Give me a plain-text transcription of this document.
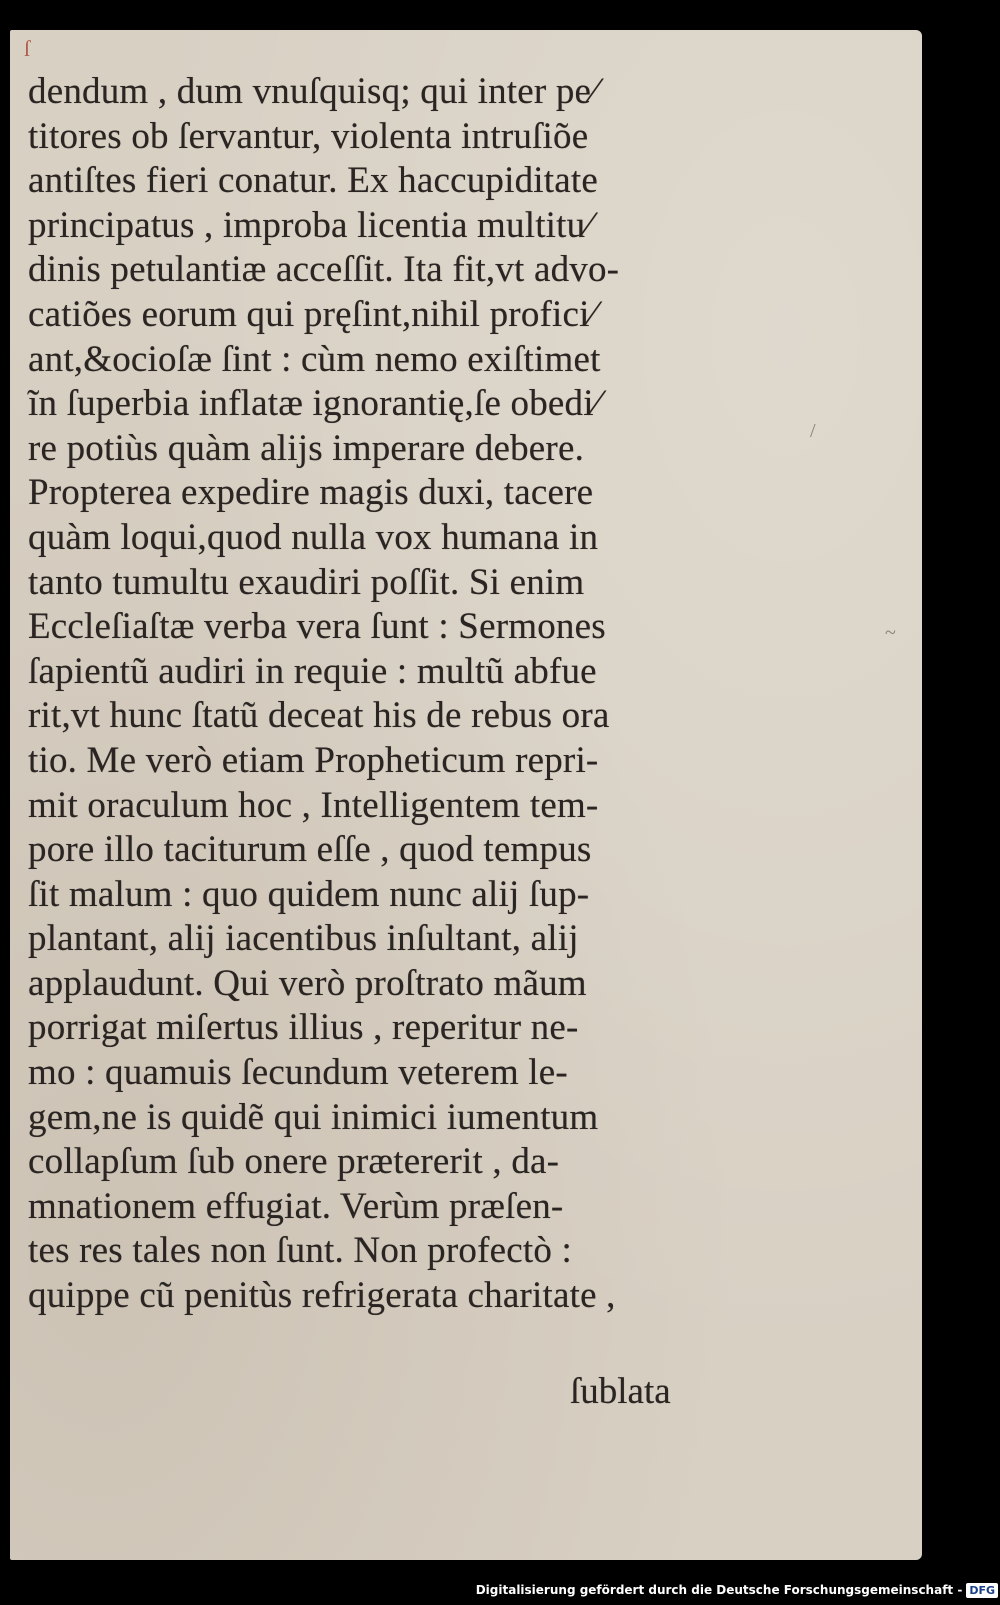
ſ
dendum , dum vnuſquisq; qui inter pe⁄
titores ob ſervantur, violenta intruſiõe
antiſtes fieri conatur. Ex haccupiditate
principatus , improba licentia multitu⁄
dinis petulantiæ acceſſit. Ita fit,vt advo-
catiões eorum qui pręſint,nihil profici⁄
ant,&ocioſæ ſint : cùm nemo exiſtimet
ĩn ſuperbia inflatæ ignorantię,ſe obedi⁄
re potiùs quàm alijs imperare debere.
Propterea expedire magis duxi, tacere
quàm loqui,quod nulla vox humana in
tanto tumultu exaudiri poſſit. Si enim
Eccleſiaſtæ verba vera ſunt : Sermones
ſapientũ audiri in requie : multũ abfue
rit,vt hunc ſtatũ deceat his de rebus ora
tio. Me verò etiam Propheticum repri-
mit oraculum hoc , Intelligentem tem-
pore illo taciturum eſſe , quod tempus
ſit malum : quo quidem nunc alij ſup-
plantant, alij iacentibus inſultant, alij
applaudunt. Qui verò proſtrato mãum
porrigat miſertus illius , reperitur ne-
mo : quamuis ſecundum veterem le-
gem,ne is quidẽ qui inimici iumentum
collapſum ſub onere prætererit , da-
mnationem effugiat. Verùm præſen-
tes res tales non ſunt. Non profectò :
quippe cũ penitùs refrigerata charitate ,
ſublata
~
/
Digitalisierung gefördert durch die Deutsche Forschungsgemeinschaft - DFG
